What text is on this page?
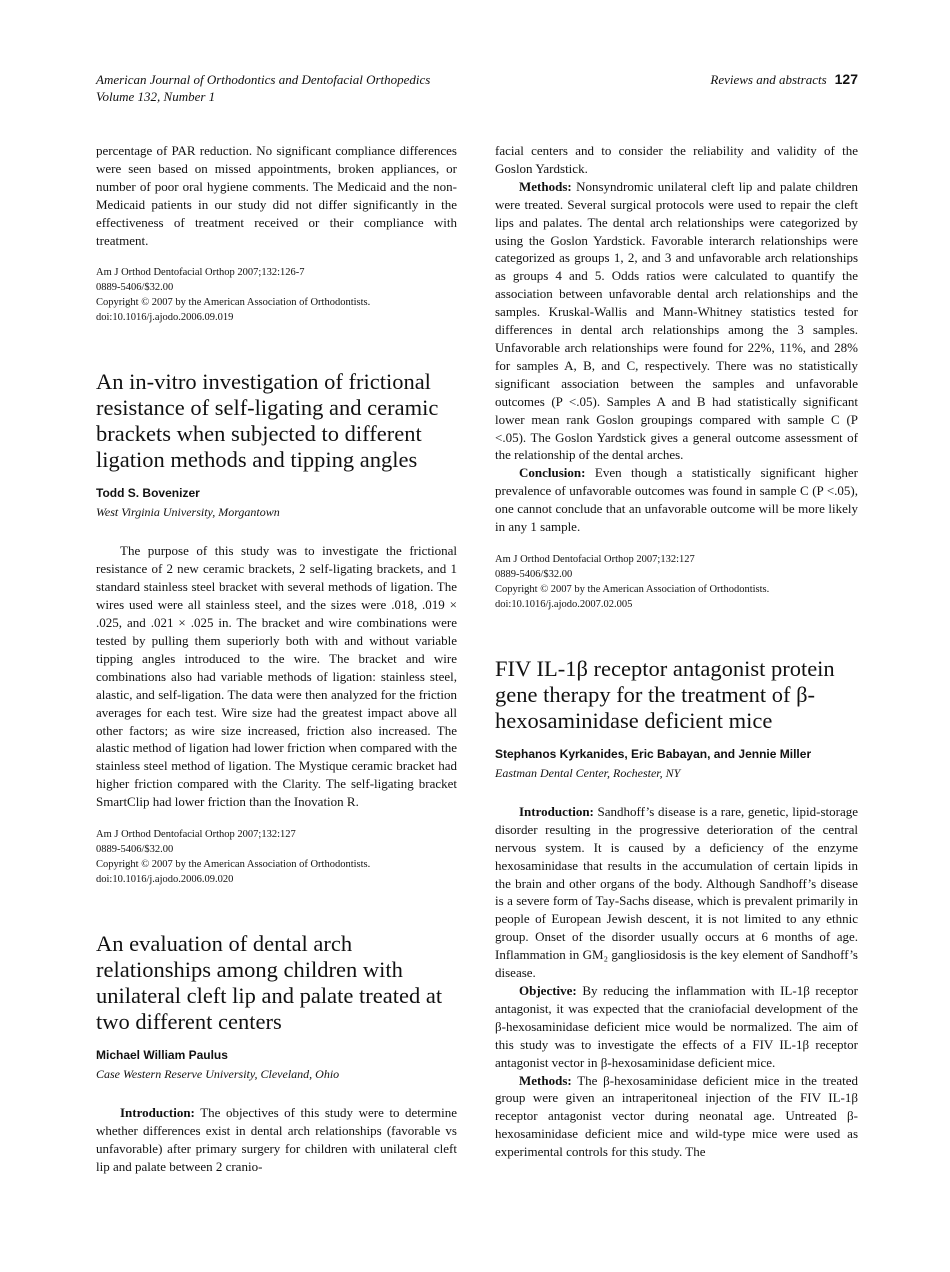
American Journal of Orthodontics and Dentofacial Orthopedics
Volume 132, Number 1
Reviews and abstracts 127

percentage of PAR reduction. No significant compliance differences were seen based on missed appointments, broken appliances, or number of poor oral hygiene comments. The Medicaid and the non-Medicaid patients in our study did not differ significantly in the effectiveness of treatment received or their compliance with treatment.

Am J Orthod Dentofacial Orthop 2007;132:126-7
0889-5406/$32.00
Copyright © 2007 by the American Association of Orthodontists.
doi:10.1016/j.ajodo.2006.09.019
An in-vitro investigation of frictional resistance of self-ligating and ceramic brackets when subjected to different ligation methods and tipping angles
Todd S. Bovenizer
West Virginia University, Morgantown

The purpose of this study was to investigate the frictional resistance of 2 new ceramic brackets, 2 self-ligating brackets, and 1 standard stainless steel bracket with several methods of ligation. The wires used were all stainless steel, and the sizes were .018, .019 × .025, and .021 × .025 in. The bracket and wire combinations were tested by pulling them superiorly both with and without variable tipping angles introduced to the wire. The bracket and wire combinations also had variable methods of ligation: stainless steel, alastic, and self-ligation. The data were then analyzed for the friction averages for each test. Wire size had the greatest impact above all other factors; as wire size increased, friction also increased. The alastic method of ligation had lower friction when compared with the stainless steel method of ligation. The Mystique ceramic bracket had higher friction compared with the Clarity. The self-ligating bracket SmartClip had lower friction than the Inovation R.

Am J Orthod Dentofacial Orthop 2007;132:127
0889-5406/$32.00
Copyright © 2007 by the American Association of Orthodontists.
doi:10.1016/j.ajodo.2006.09.020
An evaluation of dental arch relationships among children with unilateral cleft lip and palate treated at two different centers
Michael William Paulus
Case Western Reserve University, Cleveland, Ohio

Introduction: The objectives of this study were to determine whether differences exist in dental arch relationships (favorable vs unfavorable) after primary surgery for children with unilateral cleft lip and palate between 2 cranio-

facial centers and to consider the reliability and validity of the Goslon Yardstick.

Methods: Nonsyndromic unilateral cleft lip and palate children were treated. Several surgical protocols were used to repair the cleft lips and palates. The dental arch relationships were categorized by using the Goslon Yardstick. Favorable interarch relationships were categorized as groups 1, 2, and 3 and unfavorable arch relationships as groups 4 and 5. Odds ratios were calculated to quantify the association between unfavorable dental arch relationships and the samples. Kruskal-Wallis and Mann-Whitney statistics tested for differences in dental arch relationships among the 3 samples. Unfavorable arch relationships were found for 22%, 11%, and 28% for samples A, B, and C, respectively. There was no statistically significant association between the samples and unfavorable outcomes (P <.05). Samples A and B had statistically significant lower mean rank Goslon groupings compared with sample C (P <.05). The Goslon Yardstick gives a general outcome assessment of the relationship of the dental arches.

Conclusion: Even though a statistically significant higher prevalence of unfavorable outcomes was found in sample C (P <.05), one cannot conclude that an unfavorable outcome will be more likely in any 1 sample.

Am J Orthod Dentofacial Orthop 2007;132:127
0889-5406/$32.00
Copyright © 2007 by the American Association of Orthodontists.
doi:10.1016/j.ajodo.2007.02.005
FIV IL-1β receptor antagonist protein gene therapy for the treatment of β-hexosaminidase deficient mice
Stephanos Kyrkanides, Eric Babayan, and Jennie Miller
Eastman Dental Center, Rochester, NY

Introduction: Sandhoff’s disease is a rare, genetic, lipid-storage disorder resulting in the progressive deterioration of the central nervous system. It is caused by a deficiency of the enzyme hexosaminidase that results in the accumulation of certain lipids in the brain and other organs of the body. Although Sandhoff’s disease is a severe form of Tay-Sachs disease, which is prevalent primarily in people of European Jewish descent, it is not limited to any ethnic group. Onset of the disorder usually occurs at 6 months of age. Inflammation in GM₂ gangliosidosis is the key element of Sandhoff’s disease.

Objective: By reducing the inflammation with IL-1β receptor antagonist, it was expected that the craniofacial development of the β-hexosaminidase deficient mice would be normalized. The aim of this study was to investigate the effects of a FIV IL-1β receptor antagonist vector in β-hexosaminidase deficient mice.

Methods: The β-hexosaminidase deficient mice in the treated group were given an intraperitoneal injection of the FIV IL-1β receptor antagonist vector during neonatal age. Untreated β-hexosaminidase deficient mice and wild-type mice were used as experimental controls for this study. The
